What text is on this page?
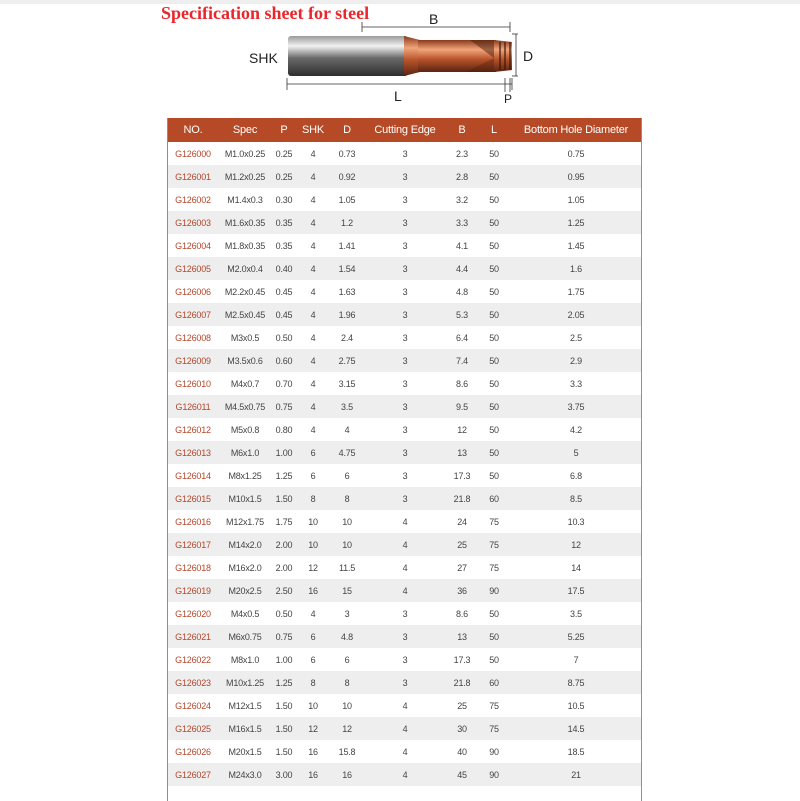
Specification sheet for steel	B
SHK	D
L	P
NO.	Spec	P	SHK	D	Cutting Edge	B	L	Bottom Hole Diameter
G126000	M1.0x0.25	0.25	4	0.73	3	2.3	50	0.75
G126001	M1.2x0.25	0.25	4	0.92	3	2.8	50	0.95
G126002	M1.4x0.3	0.30	4	1.05	3	3.2	50	1.05
G126003	M1.6x0.35	0.35	4	1.2	3	3.3	50	1.25
G126004	M1.8x0.35	0.35	4	1.41	3	4.1	50	1.45
G126005	M2.0x0.4	0.40	4	1.54	3	4.4	50	1.6
G126006	M2.2x0.45	0.45	4	1.63	3	4.8	50	1.75
G126007	M2.5x0.45	0.45	4	1.96	3	5.3	50	2.05
G126008	M3x0.5	0.50	4	2.4	3	6.4	50	2.5
G126009	M3.5x0.6	0.60	4	2.75	3	7.4	50	2.9
G126010	M4x0.7	0.70	4	3.15	3	8.6	50	3.3
G126011	M4.5x0.75	0.75	4	3.5	3	9.5	50	3.75
G126012	M5x0.8	0.80	4	4	3	12	50	4.2
G126013	M6x1.0	1.00	6	4.75	3	13	50	5
G126014	M8x1.25	1.25	6	6	3	17.3	50	6.8
G126015	M10x1.5	1.50	8	8	3	21.8	60	8.5
G126016	M12x1.75	1.75	10	10	4	24	75	10.3
G126017	M14x2.0	2.00	10	10	4	25	75	12
G126018	M16x2.0	2.00	12	11.5	4	27	75	14
G126019	M20x2.5	2.50	16	15	4	36	90	17.5
G126020	M4x0.5	0.50	4	3	3	8.6	50	3.5
G126021	M6x0.75	0.75	6	4.8	3	13	50	5.25
G126022	M8x1.0	1.00	6	6	3	17.3	50	7
G126023	M10x1.25	1.25	8	8	3	21.8	60	8.75
G126024	M12x1.5	1.50	10	10	4	25	75	10.5
G126025	M16x1.5	1.50	12	12	4	30	75	14.5
G126026	M20x1.5	1.50	16	15.8	4	40	90	18.5
G126027	M24x3.0	3.00	16	16	4	45	90	21
